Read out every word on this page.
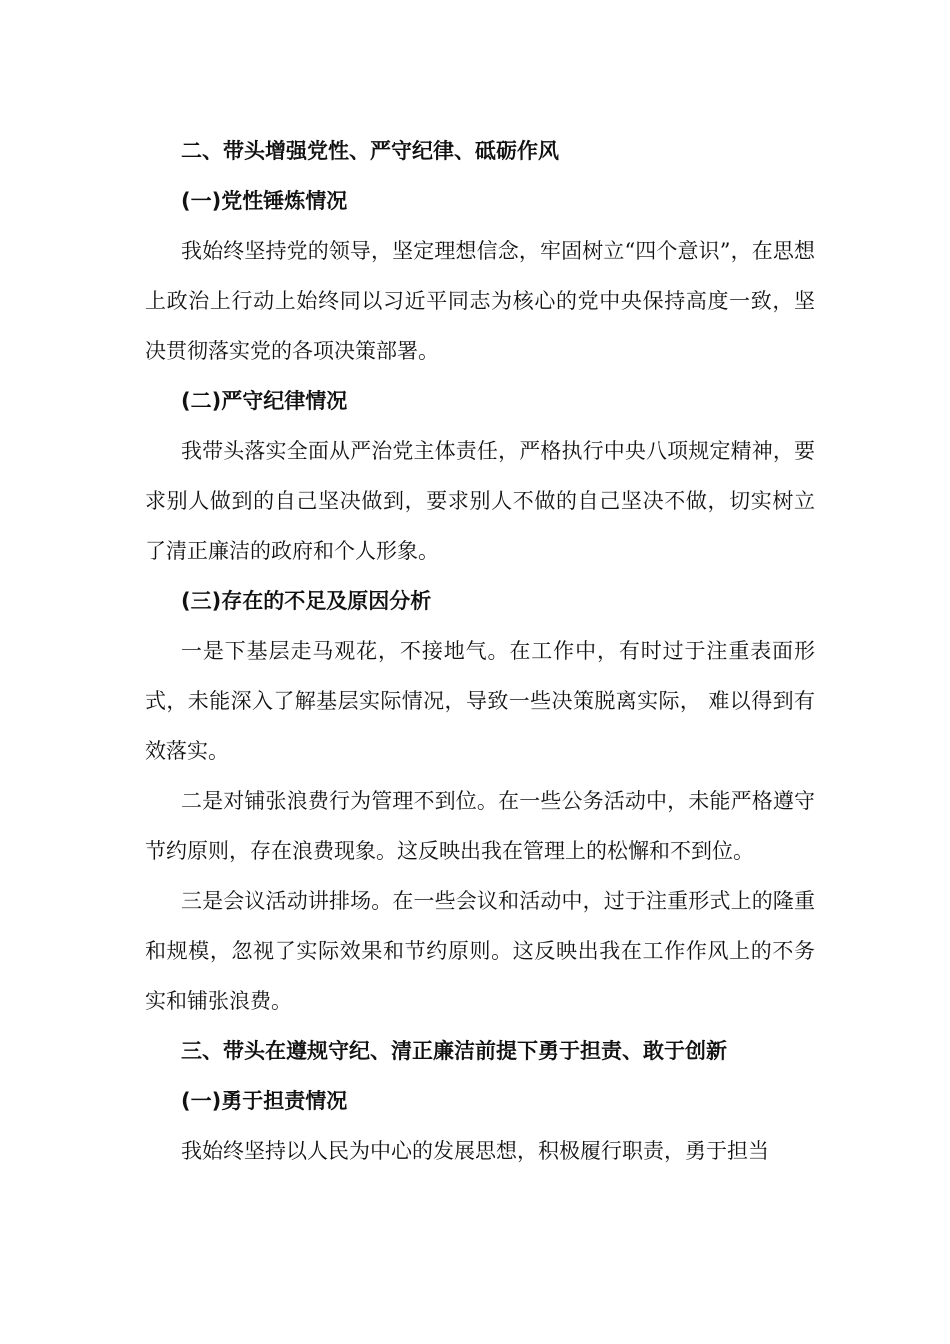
二、带头增强党性、严守纪律、砥砺作风

(一)党性锤炼情况

我始终坚持党的领导，坚定理想信念，牢固树立“四个意识”，在思想上政治上行动上始终同以习近平同志为核心的党中央保持高度一致，坚决贯彻落实党的各项决策部署。

(二)严守纪律情况

我带头落实全面从严治党主体责任，严格执行中央八项规定精神，要求别人做到的自己坚决做到，要求别人不做的自己坚决不做，切实树立了清正廉洁的政府和个人形象。

(三)存在的不足及原因分析

一是下基层走马观花，不接地气。在工作中，有时过于注重表面形式，未能深入了解基层实际情况，导致一些决策脱离实际， 难以得到有效落实。

二是对铺张浪费行为管理不到位。在一些公务活动中，未能严格遵守节约原则，存在浪费现象。这反映出我在管理上的松懈和不到位。

三是会议活动讲排场。在一些会议和活动中，过于注重形式上的隆重和规模，忽视了实际效果和节约原则。这反映出我在工作作风上的不务实和铺张浪费。

三、带头在遵规守纪、清正廉洁前提下勇于担责、敢于创新

(一)勇于担责情况

我始终坚持以人民为中心的发展思想，积极履行职责，勇于担当
